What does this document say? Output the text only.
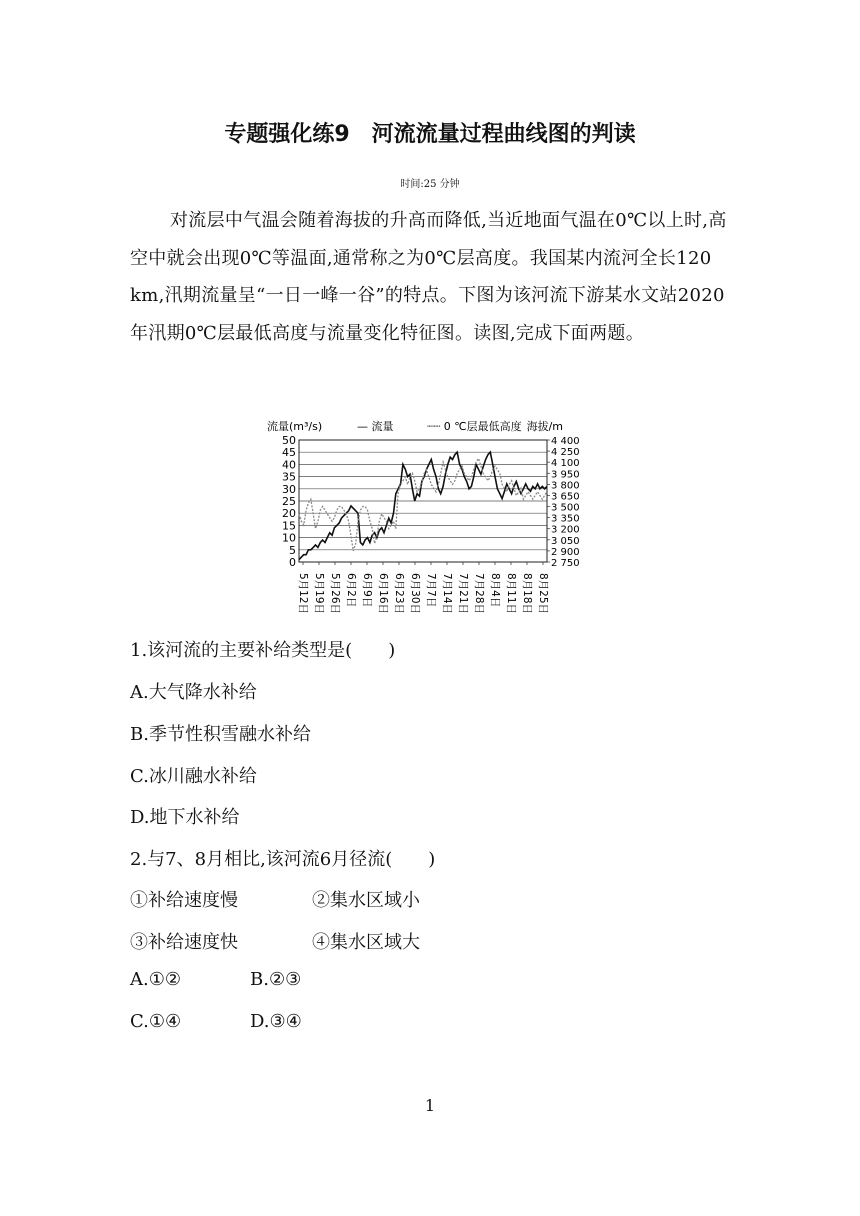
专题强化练9　河流流量过程曲线图的判读
时间:25 分钟
对流层中气温会随着海拔的升高而降低,当近地面气温在0℃以上时,高空中就会出现0℃等温面,通常称之为0℃层高度。我国某内流河全长120 km,汛期流量呈“一日一峰一谷”的特点。下图为该河流下游某水文站2020年汛期0℃层最低高度与流量变化特征图。读图,完成下面两题。
流量(m³/s)	— 流量	┈┈ 0 ℃层最低高度 海拔/m
50
45
40
35
30
25
20
15
10
5
0
4 400
4 250
4 100
3 950
3 800
3 650
3 500
3 350
3 200
3 050
2 900
2 750
5月12日 5月19日 5月26日 6月2日 6月9日 6月16日 6月23日 6月30日 7月7日 7月14日 7月21日 7月28日 8月4日 8月11日 8月18日 8月25日
1.该河流的主要补给类型是(　　)
A.大气降水补给
B.季节性积雪融水补给
C.冰川融水补给
D.地下水补给
2.与7、8月相比,该河流6月径流(　　)
①补给速度慢	②集水区域小
③补给速度快	④集水区域大
A.①②	B.②③
C.①④	D.③④
1
